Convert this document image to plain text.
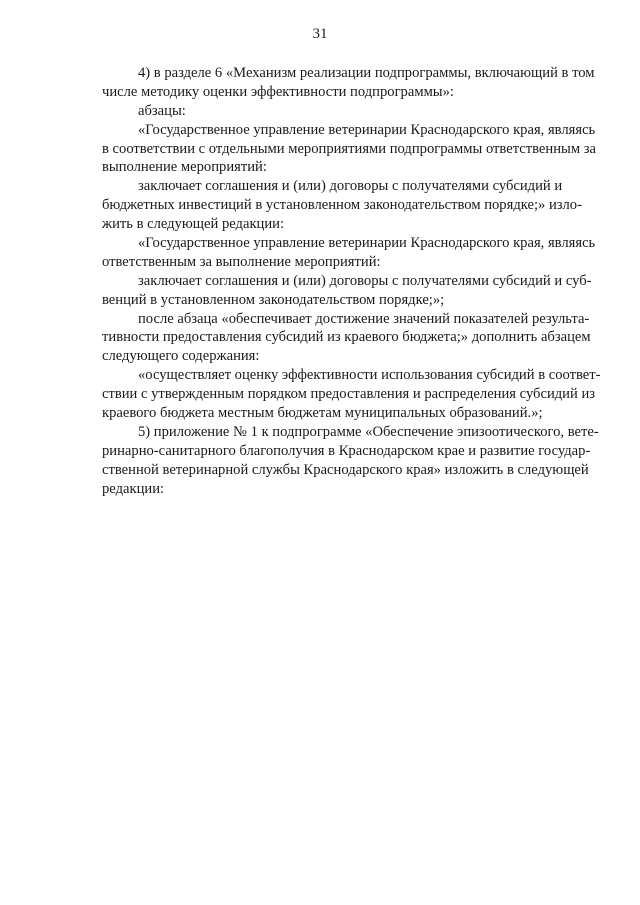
31
4) в разделе 6 «Механизм реализации подпрограммы, включающий в том
числе методику оценки эффективности подпрограммы»:
абзацы:
«Государственное управление ветеринарии Краснодарского края, являясь
в соответствии с отдельными мероприятиями подпрограммы ответственным за
выполнение мероприятий:
заключает соглашения и (или) договоры с получателями субсидий и
бюджетных инвестиций в установленном законодательством порядке;» изло-
жить в следующей редакции:
«Государственное управление ветеринарии Краснодарского края, являясь
ответственным за выполнение мероприятий:
заключает соглашения и (или) договоры с получателями субсидий и суб-
венций в установленном законодательством порядке;»;
после абзаца «обеспечивает достижение значений показателей результа-
тивности предоставления субсидий из краевого бюджета;» дополнить абзацем
следующего содержания:
«осуществляет оценку эффективности использования субсидий в соответ-
ствии с утвержденным порядком предоставления и распределения субсидий из
краевого бюджета местным бюджетам муниципальных образований.»;
5) приложение № 1 к подпрограмме «Обеспечение эпизоотического, вете-
ринарно-санитарного благополучия в Краснодарском крае и развитие государ-
ственной ветеринарной службы Краснодарского края» изложить в следующей
редакции:
